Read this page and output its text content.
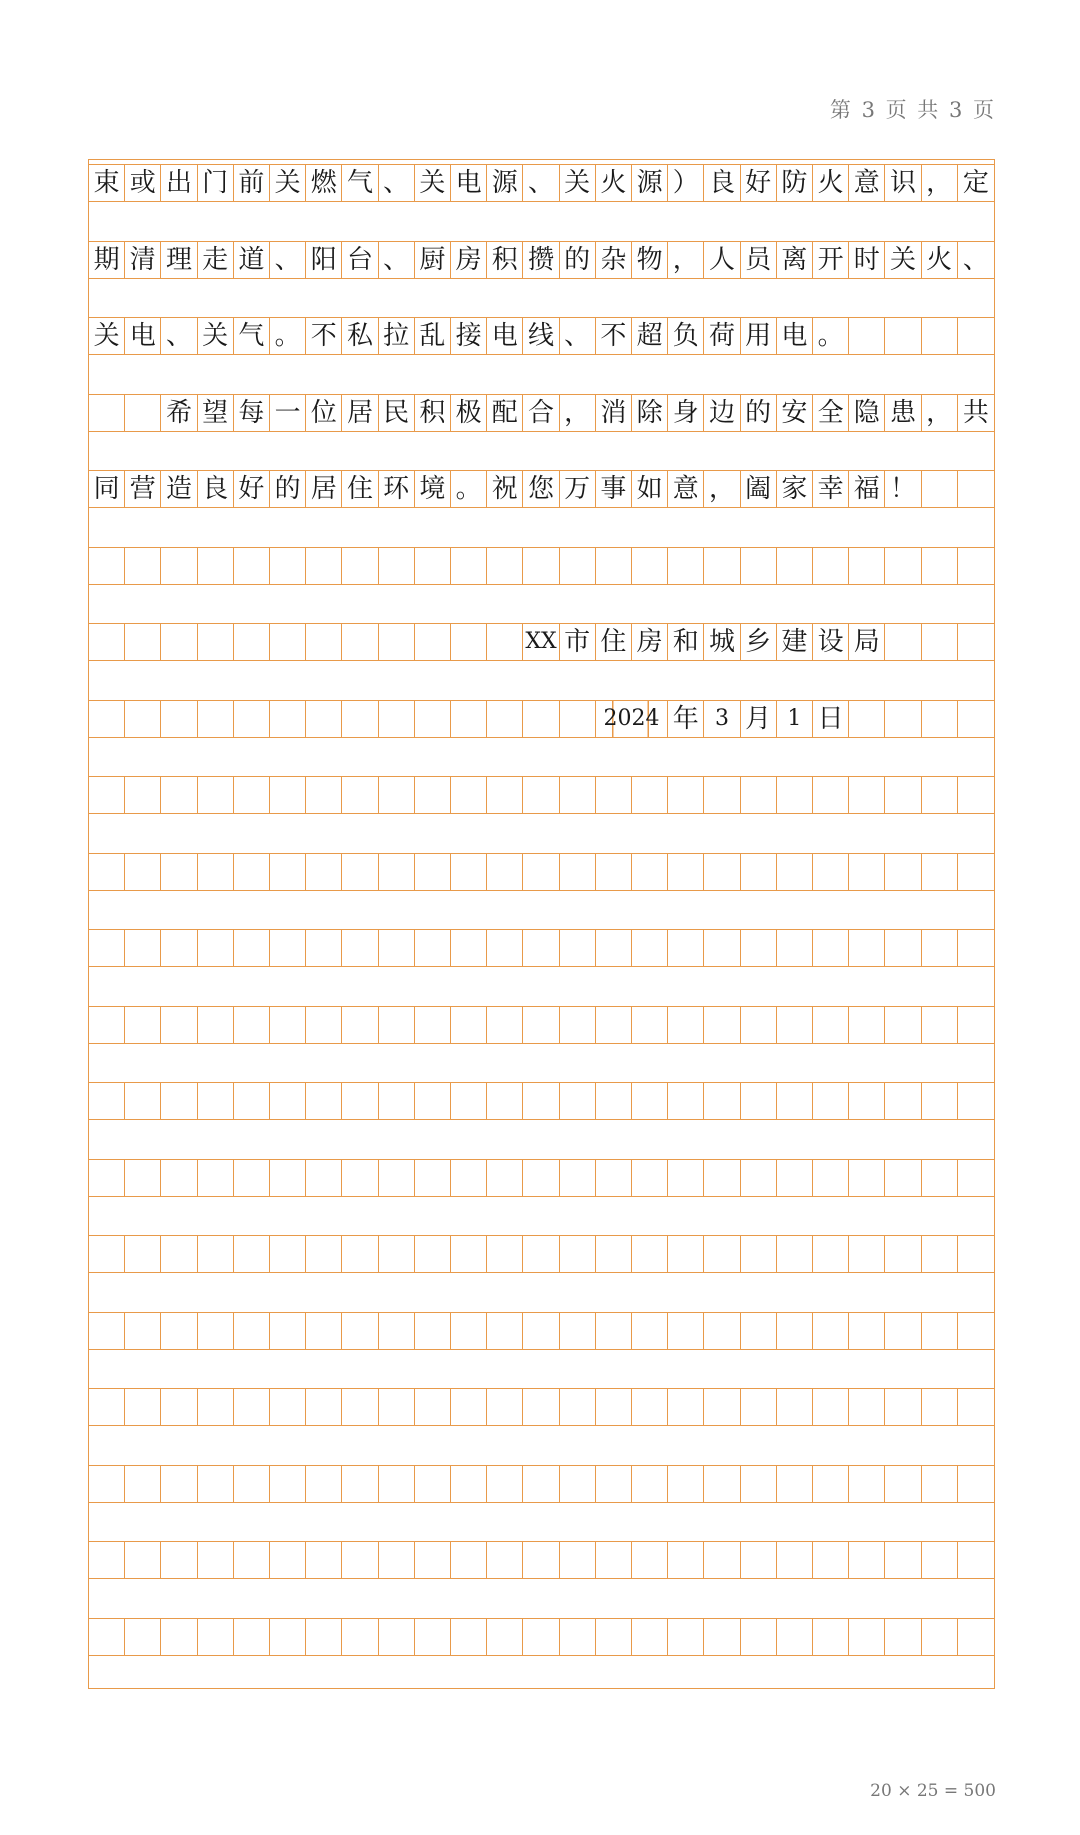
第 3 页 共 3 页
束 或 出 门 前 关 燃 气 、 关 电 源 、 关 火 源 ） 良 好 防 火 意 识 ， 定
期 清 理 走 道 、 阳 台 、 厨 房 积 攒 的 杂 物 ， 人 员 离 开 时 关 火 、
关 电 、 关 气 。 不 私 拉 乱 接 电 线 、 不 超 负 荷 用 电 。
希 望 每 一 位 居 民 积 极 配 合 ， 消 除 身 边 的 安 全 隐 患 ， 共
同 营 造 良 好 的 居 住 环 境 。 祝 您 万 事 如 意 ， 阖 家 幸 福 ！
XX 市 住 房 和 城 乡 建 设 局
2024 年 3 月 1 日
20 × 25 = 500
